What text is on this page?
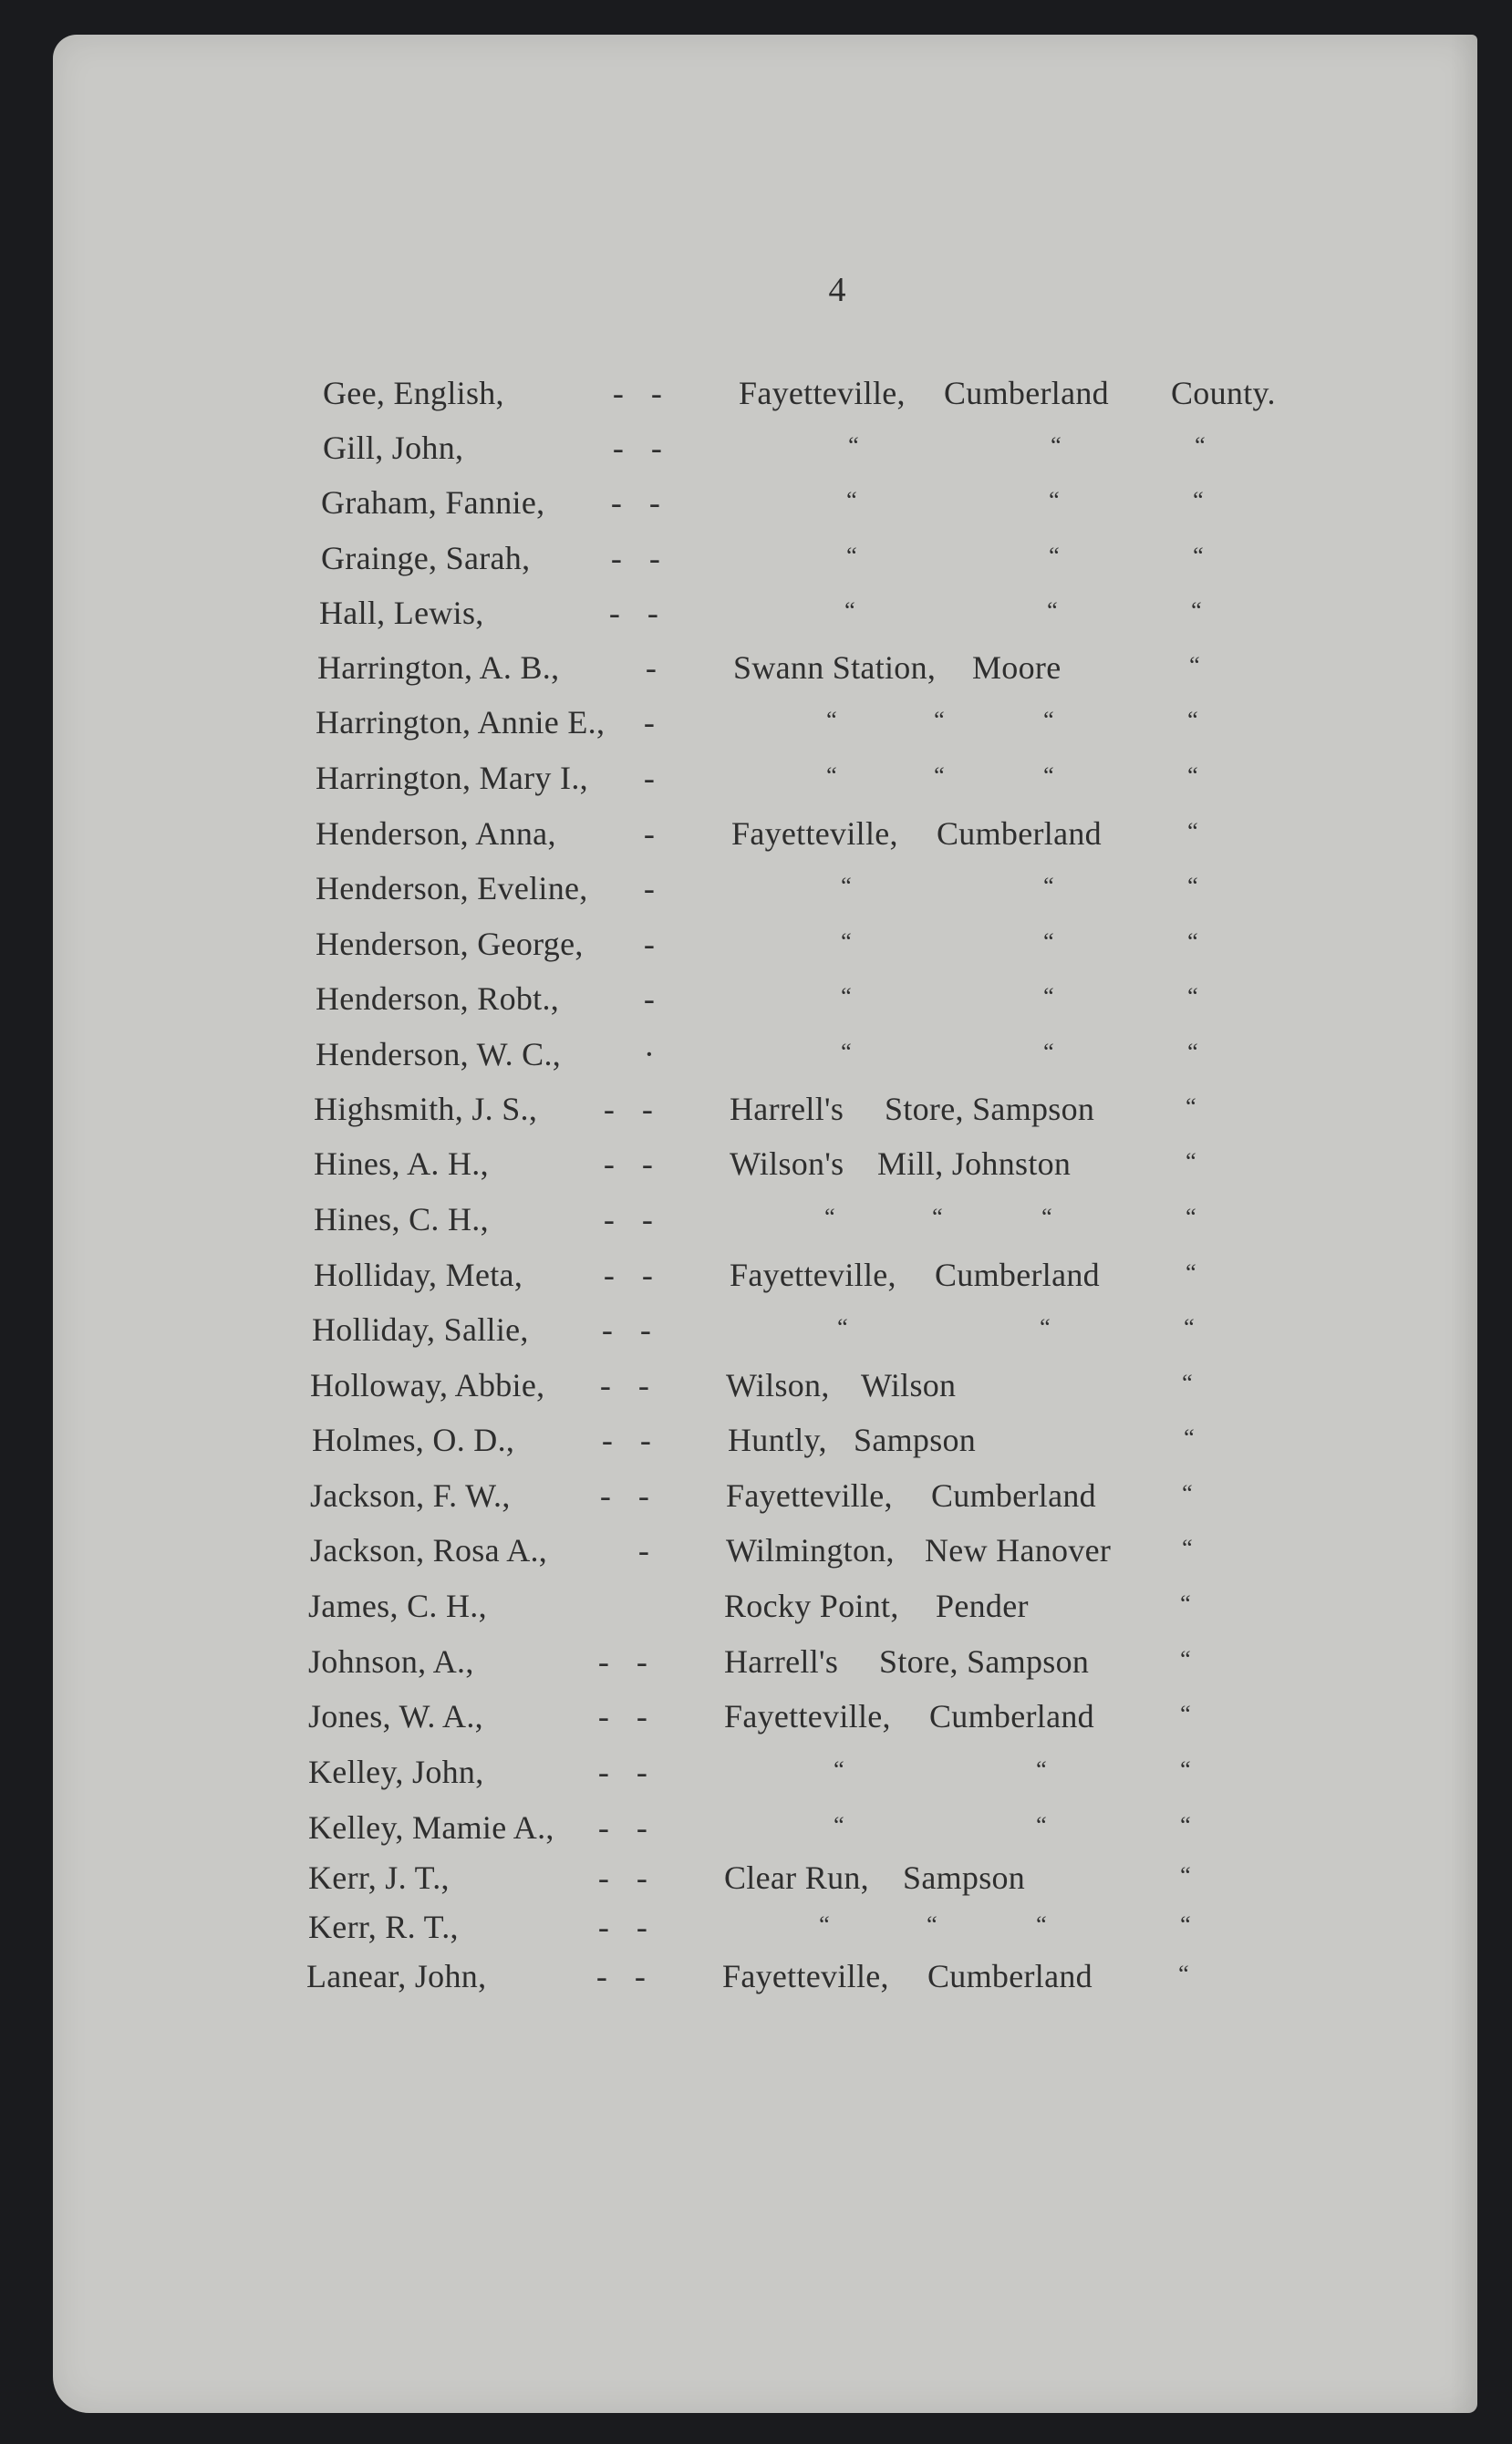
4
Gee, English,	- - Fayetteville, Cumberland County.
Gill, John,	- -	“	“	“
Graham, Fannie, - -	“	“	“
Grainge, Sarah, - -	“	“	“
Hall, Lewis,	- -	“	“	“
Harrington, A. B.,	- Swann Station, Moore	“
Harrington, Annie E., -	“	“	“	“
Harrington, Mary I., -	“	“	“	“
Henderson, Anna,	- Fayetteville, Cumberland	“
Henderson, Eveline, -	“	“	“
Henderson, George, -	“	“	“
Henderson, Robt.,	-	“	“	“
Henderson, W. C.,	·	“	“	“
Highsmith, J. S., - - Harrell's Store, Sampson	“
Hines, A. H.,	- - Wilson's Mill, Johnston	“
Hines, C. H.,	- -	“	“	“	“
Holliday, Meta, - - Fayetteville, Cumberland	“
Holliday, Sallie, - -	“	“	“
Holloway, Abbie, - - Wilson, Wilson	“
Holmes, O. D.,	- - Huntly, Sampson	“
Jackson, F. W.,	- - Fayetteville, Cumberland	“
Jackson, Rosa A.,	- Wilmington, New Hanover	“
James, C. H.,	Rocky Point, Pender	“
Johnson, A.,	- - Harrell's Store, Sampson	“
Jones, W. A.,	- - Fayetteville, Cumberland	“
Kelley, John,	- -	“	“	“
Kelley, Mamie A., - -	“	“	“
Kerr, J. T.,	- - Clear Run, Sampson	“
Kerr, R. T.,	- -	“	“	“	“
Lanear, John,	- - Fayetteville, Cumberland	“
